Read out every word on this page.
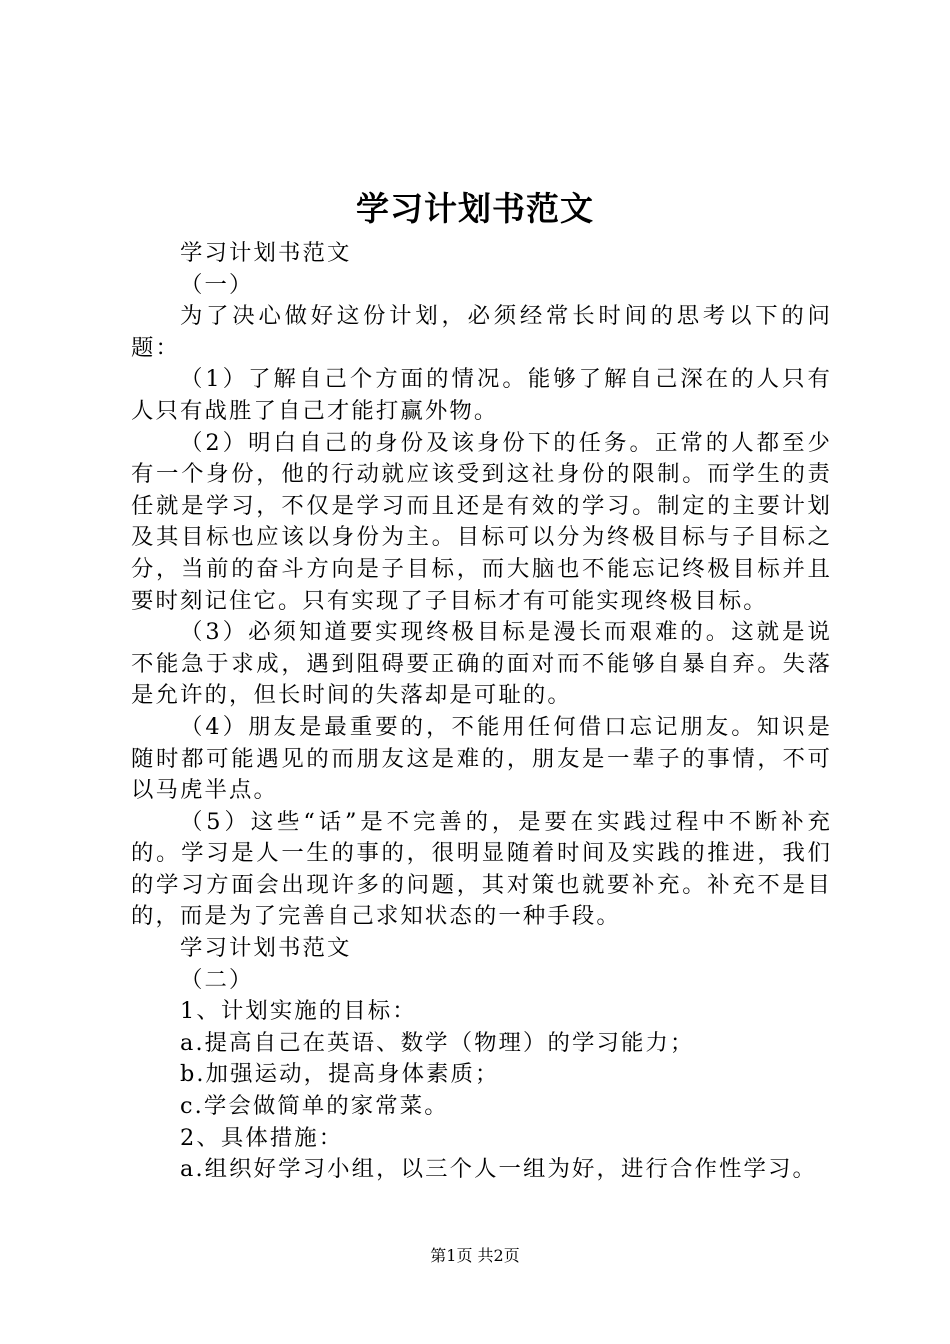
学习计划书范文

学习计划书范文

（一）

为了决心做好这份计划，必须经常长时间的思考以下的问题：

（1）了解自己个方面的情况。能够了解自己深在的人只有人只有战胜了自己才能打赢外物。

（2）明白自己的身份及该身份下的任务。正常的人都至少有一个身份，他的行动就应该受到这社身份的限制。而学生的责任就是学习，不仅是学习而且还是有效的学习。制定的主要计划及其目标也应该以身份为主。目标可以分为终极目标与子目标之分，当前的奋斗方向是子目标，而大脑也不能忘记终极目标并且要时刻记住它。只有实现了子目标才有可能实现终极目标。

（3）必须知道要实现终极目标是漫长而艰难的。这就是说不能急于求成，遇到阻碍要正确的面对而不能够自暴自弃。失落是允许的，但长时间的失落却是可耻的。

（4）朋友是最重要的，不能用任何借口忘记朋友。知识是随时都可能遇见的而朋友这是难的，朋友是一辈子的事情，不可以马虎半点。

（5）这些“话”是不完善的，是要在实践过程中不断补充的。学习是人一生的事的，很明显随着时间及实践的推进，我们的学习方面会出现许多的问题，其对策也就要补充。补充不是目的，而是为了完善自己求知状态的一种手段。

学习计划书范文

（二）

1、计划实施的目标：

a.提高自己在英语、数学（物理）的学习能力；

b.加强运动，提高身体素质；

c.学会做简单的家常菜。

2、具体措施：

a.组织好学习小组，以三个人一组为好，进行合作性学习。

第1页 共2页
